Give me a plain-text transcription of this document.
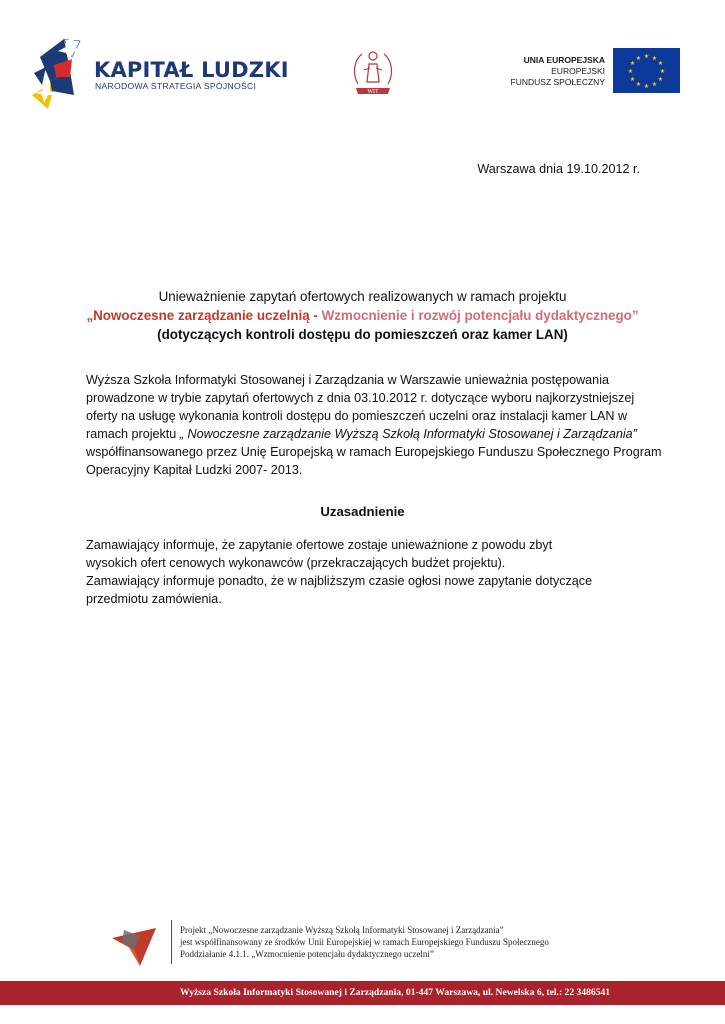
KAPITAŁ LUDZKI
NARODOWA STRATEGIA SPÓJNOŚCI
WIT
UNIA EUROPEJSKA
EUROPEJSKI
FUNDUSZ SPOŁECZNY
★ ★
★
★
★
★
★
★
★
★
★
★
Warszawa dnia 19.10.2012 r.
Unieważnienie zapytań ofertowych realizowanych w ramach projektu
„Nowoczesne zarządzanie uczelnią - Wzmocnienie i rozwój potencjału dydaktycznego”
(dotyczących kontroli dostępu do pomieszczeń oraz kamer LAN)
Wyższa Szkoła Informatyki Stosowanej i Zarządzania w Warszawie unieważnia postępowania
prowadzone w trybie zapytań ofertowych z dnia 03.10.2012 r. dotyczące wyboru najkorzystniejszej
oferty na usługę wykonania kontroli dostępu do pomieszczeń uczelni oraz instalacji kamer LAN w
ramach projektu „ Nowoczesne zarządzanie Wyższą Szkołą Informatyki Stosowanej i Zarządzania”
współfinansowanego przez Unię Europejską w ramach Europejskiego Funduszu Społecznego Program
Operacyjny Kapitał Ludzki 2007- 2013.
Uzasadnienie
Zamawiający informuje, że zapytanie ofertowe zostaje unieważnione z powodu zbyt
wysokich ofert cenowych wykonawców (przekraczających budżet projektu).
Zamawiający informuje ponadto, że w najbliższym czasie ogłosi nowe zapytanie dotyczące
przedmiotu zamówienia.
Projekt „Nowoczesne zarządzanie Wyższą Szkołą Informatyki Stosowanej i Zarządzania”
jest współfinansowany ze środków Unii Europejskiej w ramach Europejskiego Funduszu Społecznego
Poddziałanie 4.1.1. „Wzmocnienie potencjału dydaktycznego uczelni”
Wyższa Szkoła Informatyki Stosowanej i Zarządzania, 01-447 Warszawa, ul. Newelska 6, tel.: 22 3486541
